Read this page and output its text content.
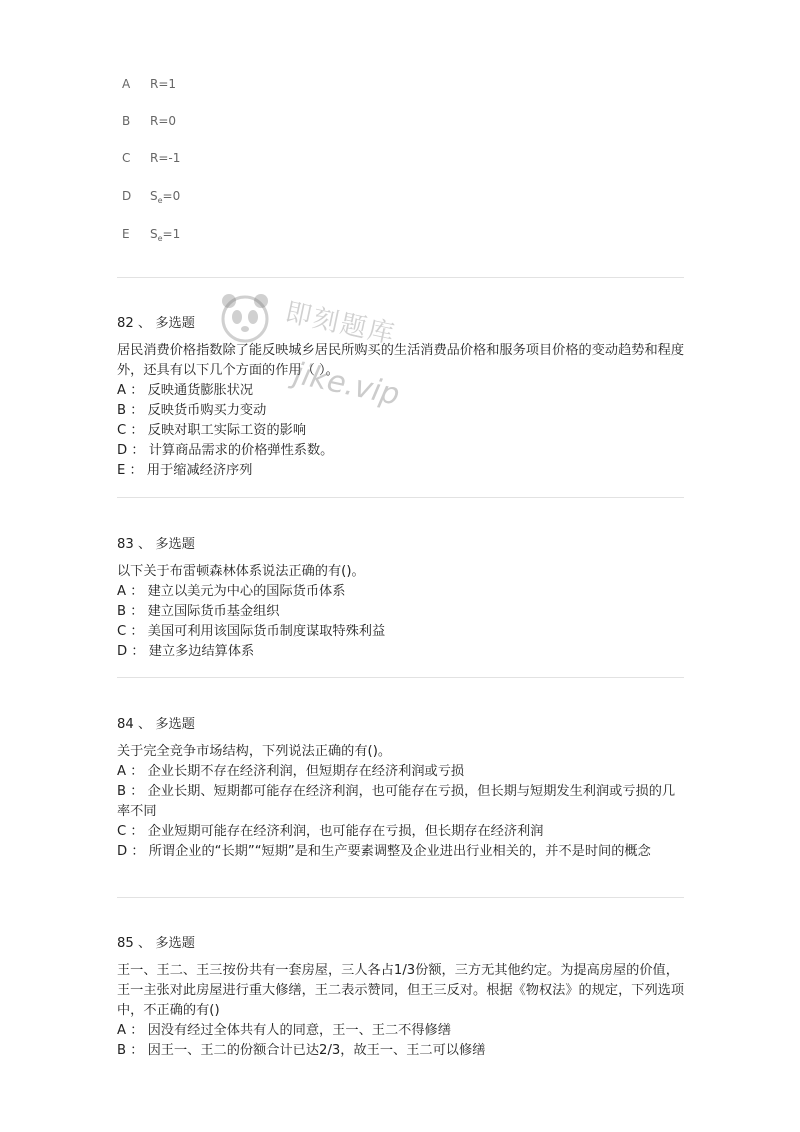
A R=1
B R=0
C R=-1
D $S_e=0$
E $S_e=1$
82 、 多选题
居民消费价格指数除了能反映城乡居民所购买的生活消费品价格和服务项目价格的变动趋势和程度外，还具有以下几个方面的作用（ ）。
A ： 反映通货膨胀状况
B ： 反映货币购买力变动
C ： 反映对职工实际工资的影响
D ： 计算商品需求的价格弹性系数。
E ： 用于缩减经济序列
83 、 多选题
以下关于布雷顿森林体系说法正确的有()。
A ： 建立以美元为中心的国际货币体系
B ： 建立国际货币基金组织
C ： 美国可利用该国际货币制度谋取特殊利益
D ： 建立多边结算体系
84 、 多选题
关于完全竞争市场结构，下列说法正确的有()。
A ： 企业长期不存在经济利润，但短期存在经济利润或亏损
B ： 企业长期、短期都可能存在经济利润，也可能存在亏损，但长期与短期发生利润或亏损的几率不同
C ： 企业短期可能存在经济利润，也可能存在亏损，但长期存在经济利润
D ： 所谓企业的“长期”“短期”是和生产要素调整及企业进出行业相关的，并不是时间的概念
85 、 多选题
王一、王二、王三按份共有一套房屋，三人各占1/3份额，三方无其他约定。为提高房屋的价值，王一主张对此房屋进行重大修缮，王二表示赞同，但王三反对。根据《物权法》的规定，下列选项中，不正确的有()
A ： 因没有经过全体共有人的同意，王一、王二不得修缮
B ： 因王一、王二的份额合计已达2/3，故王一、王二可以修缮
即刻题库
jike.vip
